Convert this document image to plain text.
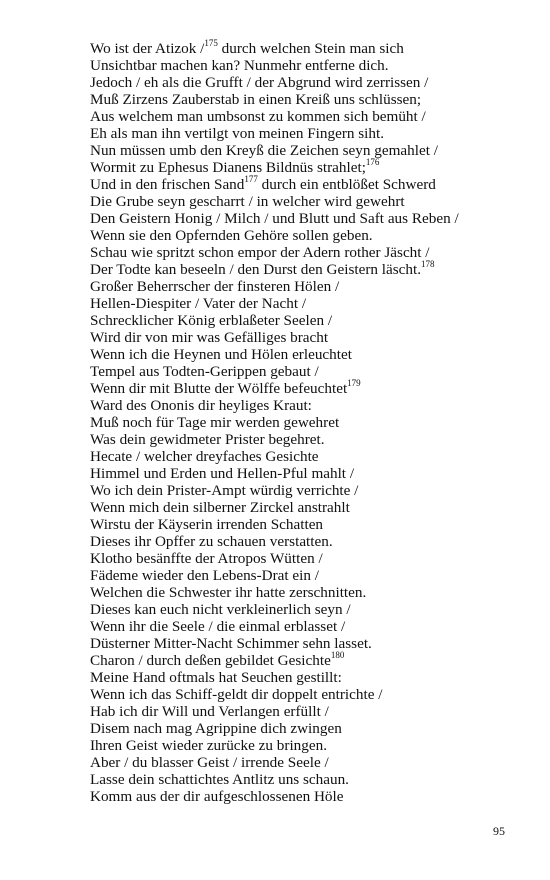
Wo ist der Atizok /$^{175}$ durch welchen Stein man sich
Unsichtbar machen kan? Nunmehr entferne dich.
Jedoch / eh als die Grufft / der Abgrund wird zerrissen /
Muß Zirzens Zauberstab in einen Kreiß uns schlüssen;
Aus welchem man umbsonst zu kommen sich bemüht /
Eh als man ihn vertilgt von meinen Fingern siht.
Nun müssen umb den Kreyß die Zeichen seyn gemahlet /
Wormit zu Ephesus Dianens Bildnüs strahlet;$^{176}$
Und in den frischen Sand$^{177}$ durch ein entblößet Schwerd
Die Grube seyn gescharrt / in welcher wird gewehrt
Den Geistern Honig / Milch / und Blutt und Saft aus Reben /
Wenn sie den Opfernden Gehöre sollen geben.
Schau wie spritzt schon empor der Adern rother Jäscht /
Der Todte kan beseeln / den Durst den Geistern läscht.$^{178}$
Großer Beherrscher der finsteren Hölen /
Hellen-Diespiter / Vater der Nacht /
Schrecklicher König erblaßeter Seelen /
Wird dir von mir was Gefälliges bracht
Wenn ich die Heynen und Hölen erleuchtet
Tempel aus Todten-Gerippen gebaut /
Wenn dir mit Blutte der Wölffe befeuchtet$^{179}$
Ward des Ononis dir heyliges Kraut:
Muß noch für Tage mir werden gewehret
Was dein gewidmeter Prister begehret.
Hecate / welcher dreyfaches Gesichte
Himmel und Erden und Hellen-Pful mahlt /
Wo ich dein Prister-Ampt würdig verrichte /
Wenn mich dein silberner Zirckel anstrahlt
Wirstu der Käyserin irrenden Schatten
Dieses ihr Opffer zu schauen verstatten.
Klotho besänffte der Atropos Wütten /
Fädeme wieder den Lebens-Drat ein /
Welchen die Schwester ihr hatte zerschnitten.
Dieses kan euch nicht verkleinerlich seyn /
Wenn ihr die Seele / die einmal erblasset /
Düsterner Mitter-Nacht Schimmer sehn lasset.
Charon / durch deßen gebildet Gesichte$^{180}$
Meine Hand oftmals hat Seuchen gestillt:
Wenn ich das Schiff-geldt dir doppelt entrichte /
Hab ich dir Will und Verlangen erfüllt /
Disem nach mag Agrippine dich zwingen
Ihren Geist wieder zurücke zu bringen.
Aber / du blasser Geist / irrende Seele /
Lasse dein schattichtes Antlitz uns schaun.
Komm aus der dir aufgeschlossenen Höle
95
